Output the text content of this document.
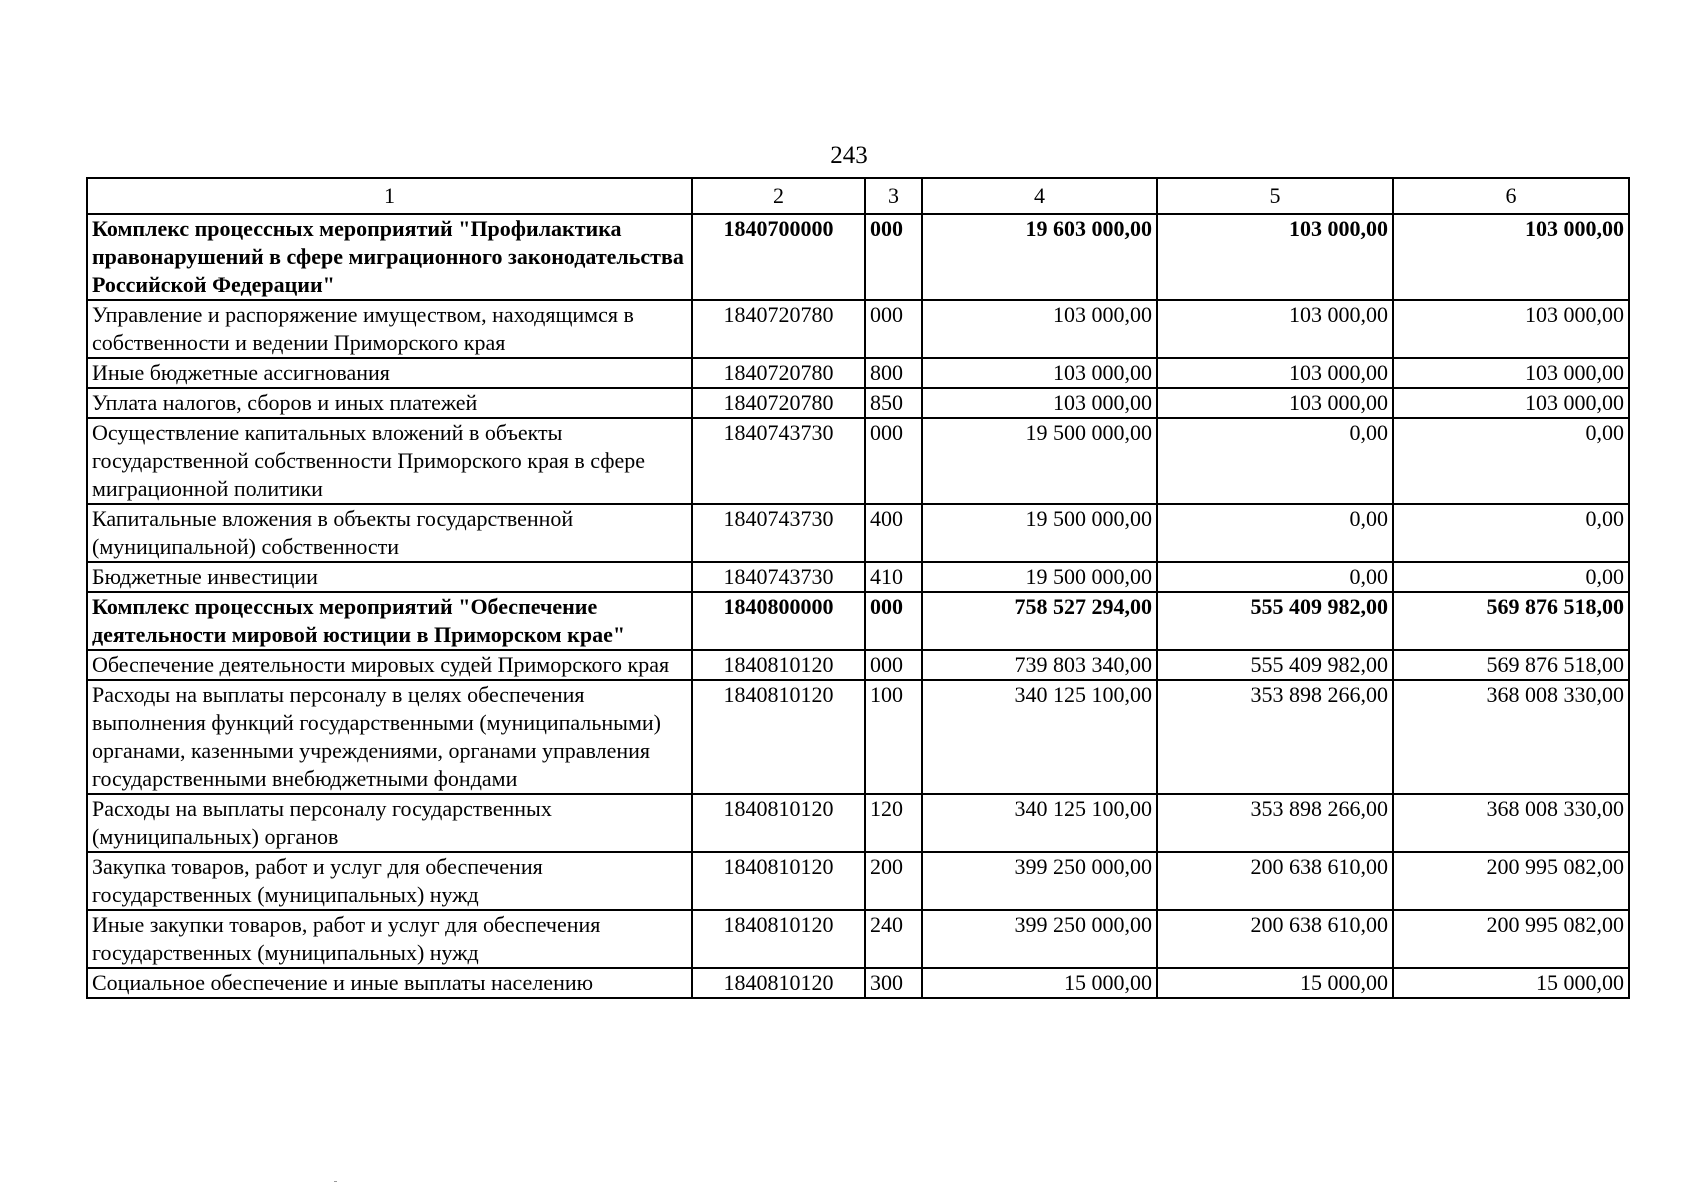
243
1	2	3	4	5	6
Комплекс процессных мероприятий "Профилактика правонарушений в сфере миграционного законодательства Российской Федерации"	1840700000	000	19 603 000,00	103 000,00	103 000,00
Управление и распоряжение имуществом, находящимся в собственности и ведении Приморского края	1840720780	000	103 000,00	103 000,00	103 000,00
Иные бюджетные ассигнования	1840720780	800	103 000,00	103 000,00	103 000,00
Уплата налогов, сборов и иных платежей	1840720780	850	103 000,00	103 000,00	103 000,00
Осуществление капитальных вложений в объекты государственной собственности Приморского края в сфере миграционной политики	1840743730	000	19 500 000,00	0,00	0,00
Капитальные вложения в объекты государственной (муниципальной) собственности	1840743730	400	19 500 000,00	0,00	0,00
Бюджетные инвестиции	1840743730	410	19 500 000,00	0,00	0,00
Комплекс процессных мероприятий "Обеспечение деятельности мировой юстиции в Приморском крае"	1840800000	000	758 527 294,00	555 409 982,00	569 876 518,00
Обеспечение деятельности мировых судей Приморского края	1840810120	000	739 803 340,00	555 409 982,00	569 876 518,00
Расходы на выплаты персоналу в целях обеспечения выполнения функций государственными (муниципальными) органами, казенными учреждениями, органами управления государственными внебюджетными фондами	1840810120	100	340 125 100,00	353 898 266,00	368 008 330,00
Расходы на выплаты персоналу государственных (муниципальных) органов	1840810120	120	340 125 100,00	353 898 266,00	368 008 330,00
Закупка товаров, работ и услуг для обеспечения государственных (муниципальных) нужд	1840810120	200	399 250 000,00	200 638 610,00	200 995 082,00
Иные закупки товаров, работ и услуг для обеспечения государственных (муниципальных) нужд	1840810120	240	399 250 000,00	200 638 610,00	200 995 082,00
Социальное обеспечение и иные выплаты населению	1840810120	300	15 000,00	15 000,00	15 000,00
